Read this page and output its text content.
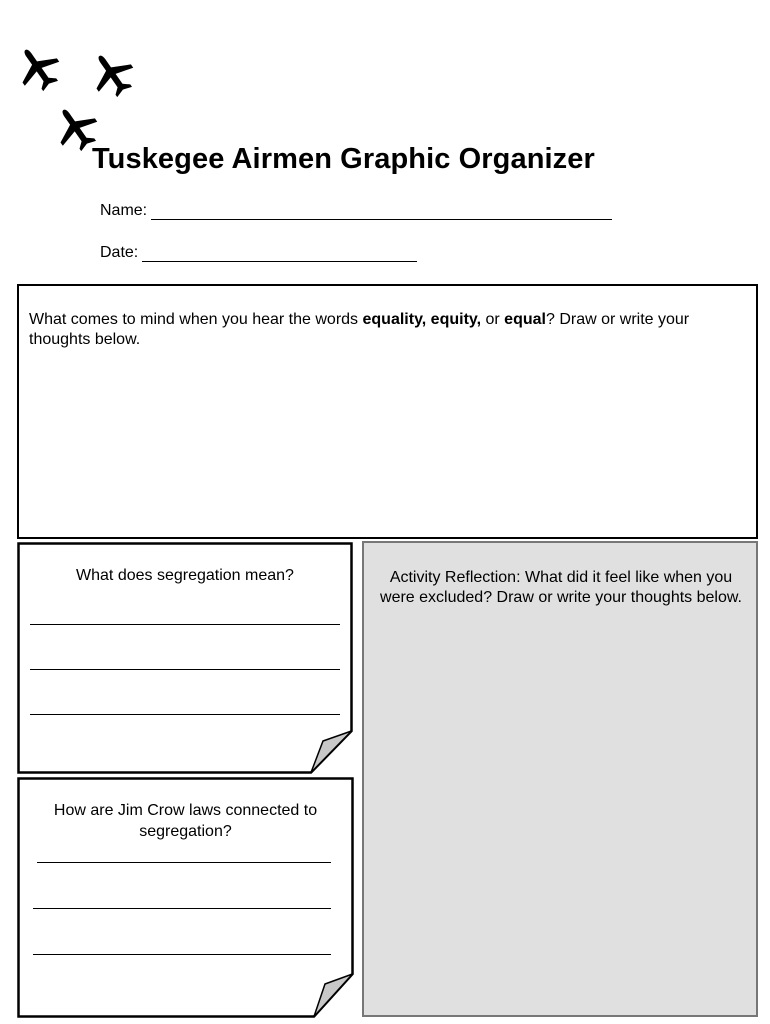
Tuskegee Airmen Graphic Organizer
Name:
Date:
What comes to mind when you hear the words equality, equity, or equal? Draw or write your thoughts below.
What does segregation mean?
How are Jim Crow laws connected to segregation?
Activity Reflection: What did it feel like when you were excluded? Draw or write your thoughts below.
